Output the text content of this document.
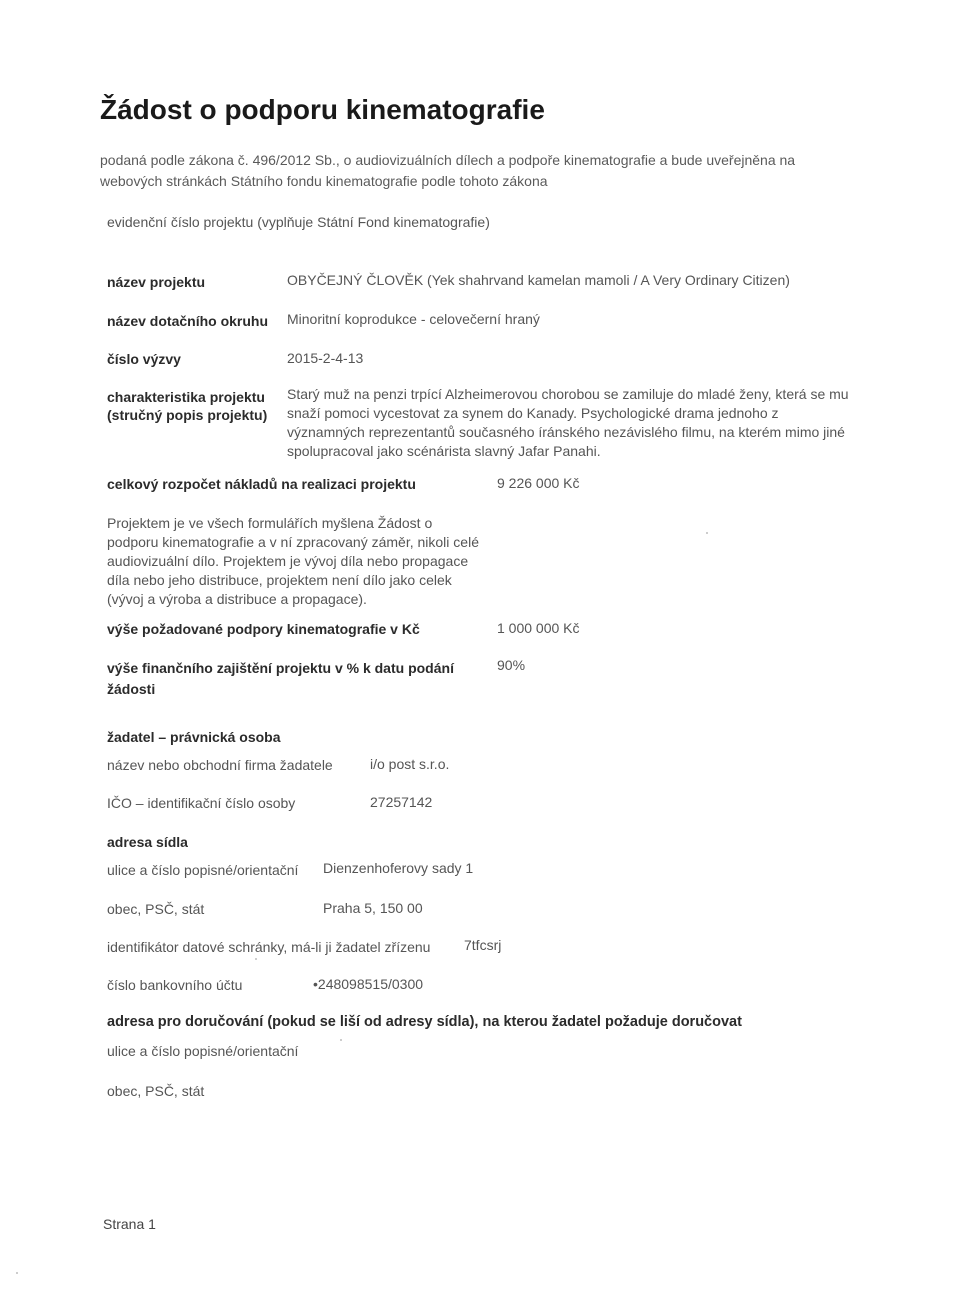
Žádost o podporu kinematografie
podaná podle zákona č. 496/2012 Sb., o audiovizuálních dílech a podpoře kinematografie a bude uveřejněna na webových stránkách Státního fondu kinematografie podle tohoto zákona
evidenční číslo projektu (vyplňuje Státní Fond kinematografie)
název projektu	OBYČEJNÝ ČLOVĚK (Yek shahrvand kamelan mamoli / A Very Ordinary Citizen)
název dotačního okruhu Minoritní koprodukce - celovečerní hraný
číslo výzvy	2015-2-4-13
charakteristika projektu
(stručný popis projektu)
Starý muž na penzi trpící Alzheimerovou chorobou se zamiluje do mladé ženy, která se mu snaží pomoci vycestovat za synem do Kanady. Psychologické drama jednoho z významných reprezentantů současného íránského nezávislého filmu, na kterém mimo jiné spolupracoval jako scénárista slavný Jafar Panahi.
celkový rozpočet nákladů na realizaci projektu	9 226 000 Kč
Projektem je ve všech formulářích myšlena Žádost o podporu kinematografie a v ní zpracovaný záměr, nikoli celé audiovizuální dílo. Projektem je vývoj díla nebo propagace díla nebo jeho distribuce, projektem není dílo jako celek (vývoj a výroba a distribuce a propagace).
výše požadované podpory kinematografie v Kč	1 000 000 Kč
výše finančního zajištění projektu v % k datu podání žádosti
90%
žadatel – právnická osoba
název nebo obchodní firma žadatele	i/o post s.r.o.
IČO – identifikační číslo osoby	27257142
adresa sídla
ulice a číslo popisné/orientační Dienzenhoferovy sady 1
obec, PSČ, stát	Praha 5, 150 00
identifikátor datové schránky, má-li ji žadatel zřízenu 7tfcsrj
číslo bankovního účtu	•248098515/0300
adresa pro doručování (pokud se liší od adresy sídla), na kterou žadatel požaduje doručovat
ulice a číslo popisné/orientační
obec, PSČ, stát
Strana 1
